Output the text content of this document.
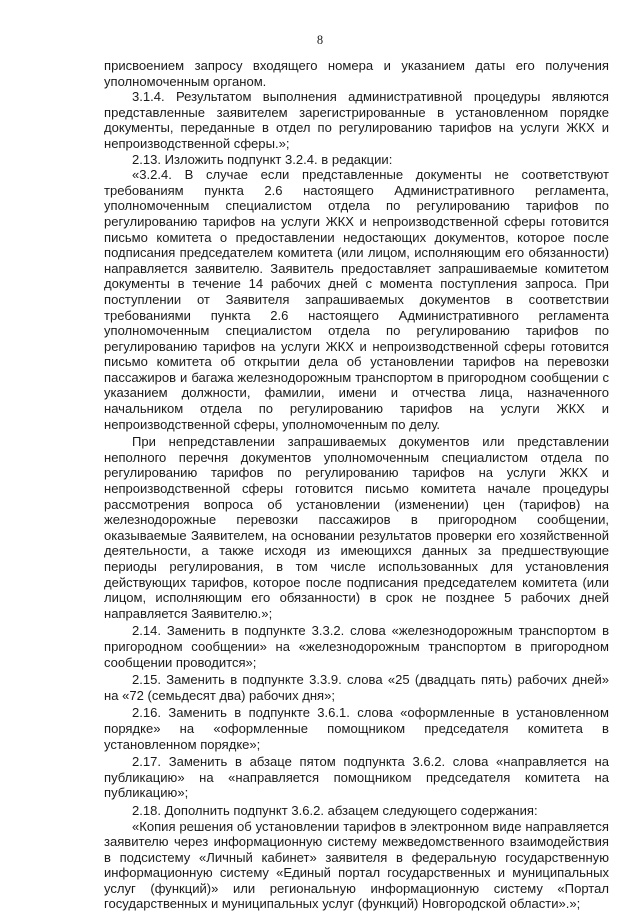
8

присвоением запросу входящего номера и указанием даты его получения уполномоченным органом.

3.1.4. Результатом выполнения административной процедуры являются представленные заявителем зарегистрированные в установленном порядке документы, переданные в отдел по регулированию тарифов на услуги ЖКХ и непроизводственной сферы.»;

2.13. Изложить подпункт 3.2.4. в редакции:

«3.2.4. В случае если представленные документы не соответствуют требованиям пункта 2.6 настоящего Административного регламента, уполномоченным специалистом отдела по регулированию тарифов по регулированию тарифов на услуги ЖКХ и непроизводственной сферы готовится письмо комитета о предоставлении недостающих документов, которое после подписания председателем комитета (или лицом, исполняющим его обязанности) направляется заявителю. Заявитель предоставляет запрашиваемые комитетом документы в течение 14 рабочих дней с момента поступления запроса. При поступлении от Заявителя запрашиваемых документов в соответствии требованиями пункта 2.6 настоящего Административного регламента уполномоченным специалистом отдела по регулированию тарифов по регулированию тарифов на услуги ЖКХ и непроизводственной сферы готовится письмо комитета об открытии дела об установлении тарифов на перевозки пассажиров и багажа железнодорожным транспортом в пригородном сообщении с указанием должности, фамилии, имени и отчества лица, назначенного начальником отдела по регулированию тарифов на услуги ЖКХ и непроизводственной сферы, уполномоченным по делу.

При непредставлении запрашиваемых документов или представлении неполного перечня документов уполномоченным специалистом отдела по регулированию тарифов по регулированию тарифов на услуги ЖКХ и непроизводственной сферы готовится письмо комитета начале процедуры рассмотрения вопроса об установлении (изменении) цен (тарифов) на железнодорожные перевозки пассажиров в пригородном сообщении, оказываемые Заявителем, на основании результатов проверки его хозяйственной деятельности, а также исходя из имеющихся данных за предшествующие периоды регулирования, в том числе использованных для установления действующих тарифов, которое после подписания председателем комитета (или лицом, исполняющим его обязанности) в срок не позднее 5 рабочих дней направляется Заявителю.»;

2.14. Заменить в подпункте 3.3.2. слова «железнодорожным транспортом в пригородном сообщении» на «железнодорожным транспортом в пригородном сообщении проводится»;

2.15. Заменить в подпункте 3.3.9. слова «25 (двадцать пять) рабочих дней» на «72 (семьдесят два) рабочих дня»;

2.16. Заменить в подпункте 3.6.1. слова «оформленные в установленном порядке» на «оформленные помощником председателя комитета в установленном порядке»;

2.17. Заменить в абзаце пятом подпункта 3.6.2. слова «направляется на публикацию» на «направляется помощником председателя комитета на публикацию»;

2.18. Дополнить подпункт 3.6.2. абзацем следующего содержания:

«Копия решения об установлении тарифов в электронном виде направляется заявителю через информационную систему межведомственного взаимодействия в подсистему «Личный кабинет» заявителя в федеральную государственную информационную систему «Единый портал государственных и муниципальных услуг (функций)» или региональную информационную систему «Портал государственных и муниципальных услуг (функций) Новгородской области».»;
